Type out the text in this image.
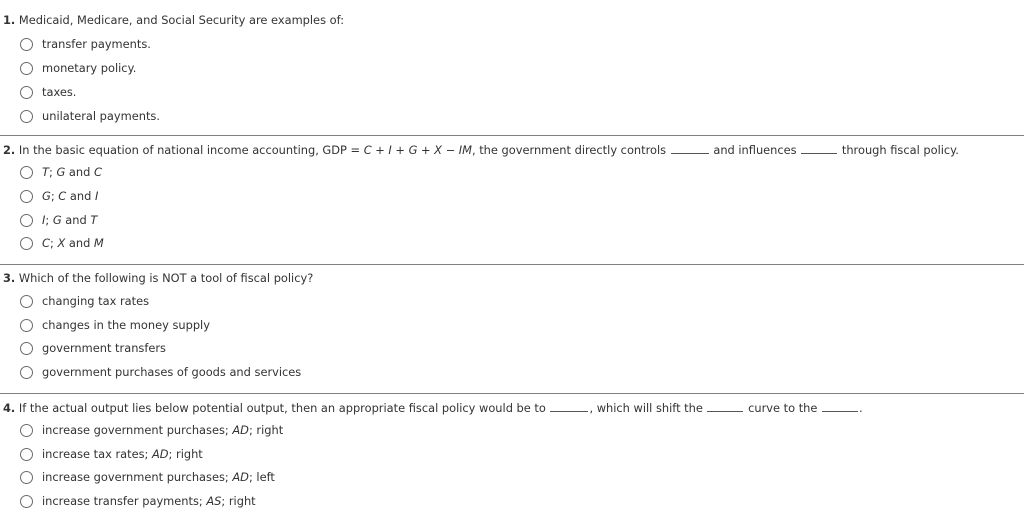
1. Medicaid, Medicare, and Social Security are examples of:
transfer payments.
monetary policy.
taxes.
unilateral payments.
2. In the basic equation of national income accounting, GDP = C + I + G + X − IM, the government directly controls	and influences	through fiscal policy.
T; G and C
G; C and I
I; G and T
C; X and M
3. Which of the following is NOT a tool of fiscal policy?
changing tax rates
changes in the money supply
government transfers
government purchases of goods and services
4. If the actual output lies below potential output, then an appropriate fiscal policy would be to	, which will shift the	curve to the	.
increase government purchases; AD; right
increase tax rates; AD; right
increase government purchases; AD; left
increase transfer payments; AS; right
